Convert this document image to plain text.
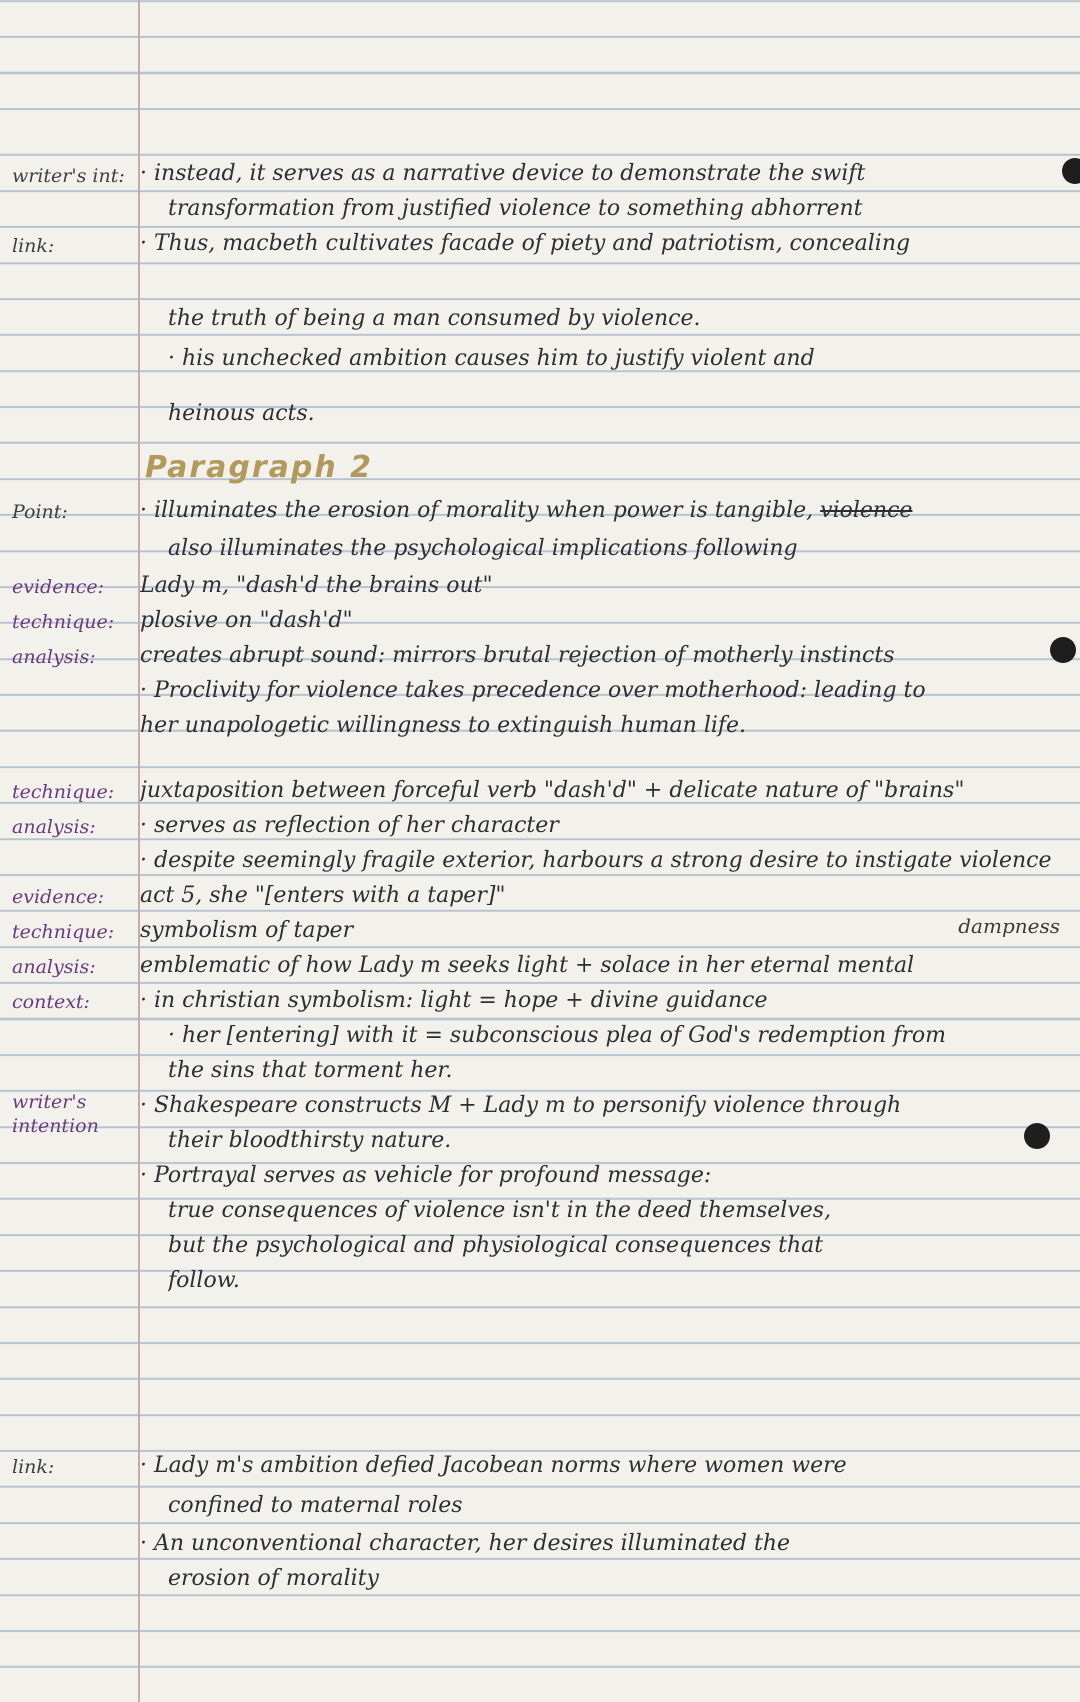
writer's int:
link:
Point:
evidence:
technique:
analysis:
technique:
analysis:
evidence:
technique:
analysis:
context:
writer's intention
link:
Paragraph 2
· instead, it serves as a narrative device to demonstrate the swift
transformation from justified violence to something abhorrent
· Thus, macbeth cultivates facade of piety and patriotism, concealing
the truth of being a man consumed by violence.
· his unchecked ambition causes him to justify violent and
heinous acts.
· illuminates the erosion of morality when power is tangible, violence
also illuminates the psychological implications following
Lady m, "dash'd the brains out"
plosive on "dash'd"
creates abrupt sound: mirrors brutal rejection of motherly instincts
· Proclivity for violence takes precedence over motherhood: leading to
her unapologetic willingness to extinguish human life.
juxtaposition between forceful verb "dash'd" + delicate nature of "brains"
· serves as reflection of her character
· despite seemingly fragile exterior, harbours a strong desire to instigate violence
act 5, she "[enters with a taper]"
symbolism of taper	dampness
emblematic of how Lady m seeks light + solace in her eternal mental
· in christian symbolism: light = hope + divine guidance
· her [entering] with it = subconscious plea of God's redemption from
the sins that torment her.
· Shakespeare constructs M + Lady m to personify violence through
their bloodthirsty nature.
· Portrayal serves as vehicle for profound message:
true consequences of violence isn't in the deed themselves,
but the psychological and physiological consequences that
follow.
· Lady m's ambition defied Jacobean norms where women were
confined to maternal roles
· An unconventional character, her desires illuminated the
erosion of morality
